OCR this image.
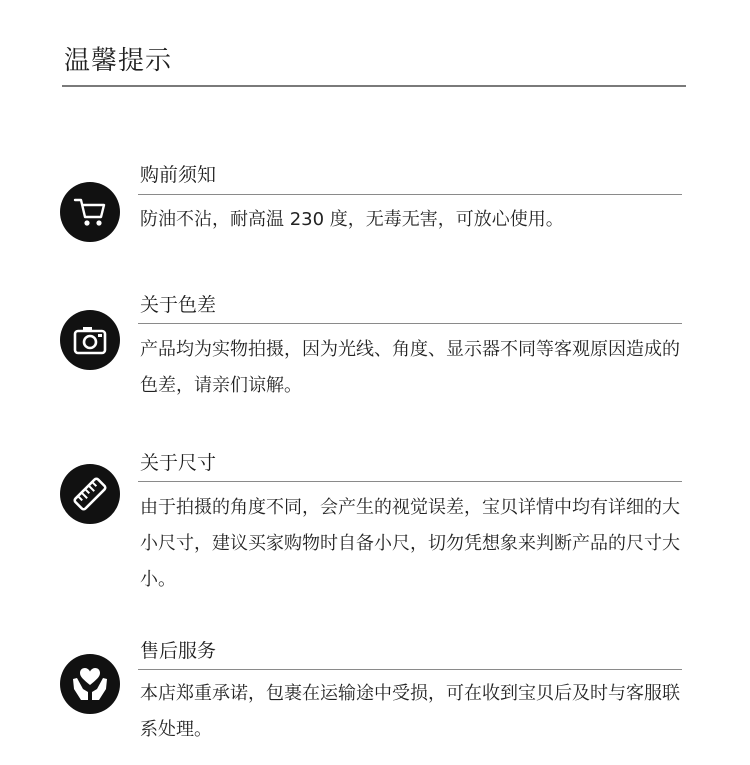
温馨提示
购前须知
防油不沾，耐高温 230 度，无毒无害，可放心使用。
关于色差
产品均为实物拍摄，因为光线、角度、显示器不同等客观原因造成的色差，请亲们谅解。
关于尺寸
由于拍摄的角度不同，会产生的视觉误差，宝贝详情中均有详细的大小尺寸，建议买家购物时自备小尺，切勿凭想象来判断产品的尺寸大小。
售后服务
本店郑重承诺，包裹在运输途中受损，可在收到宝贝后及时与客服联系处理。
